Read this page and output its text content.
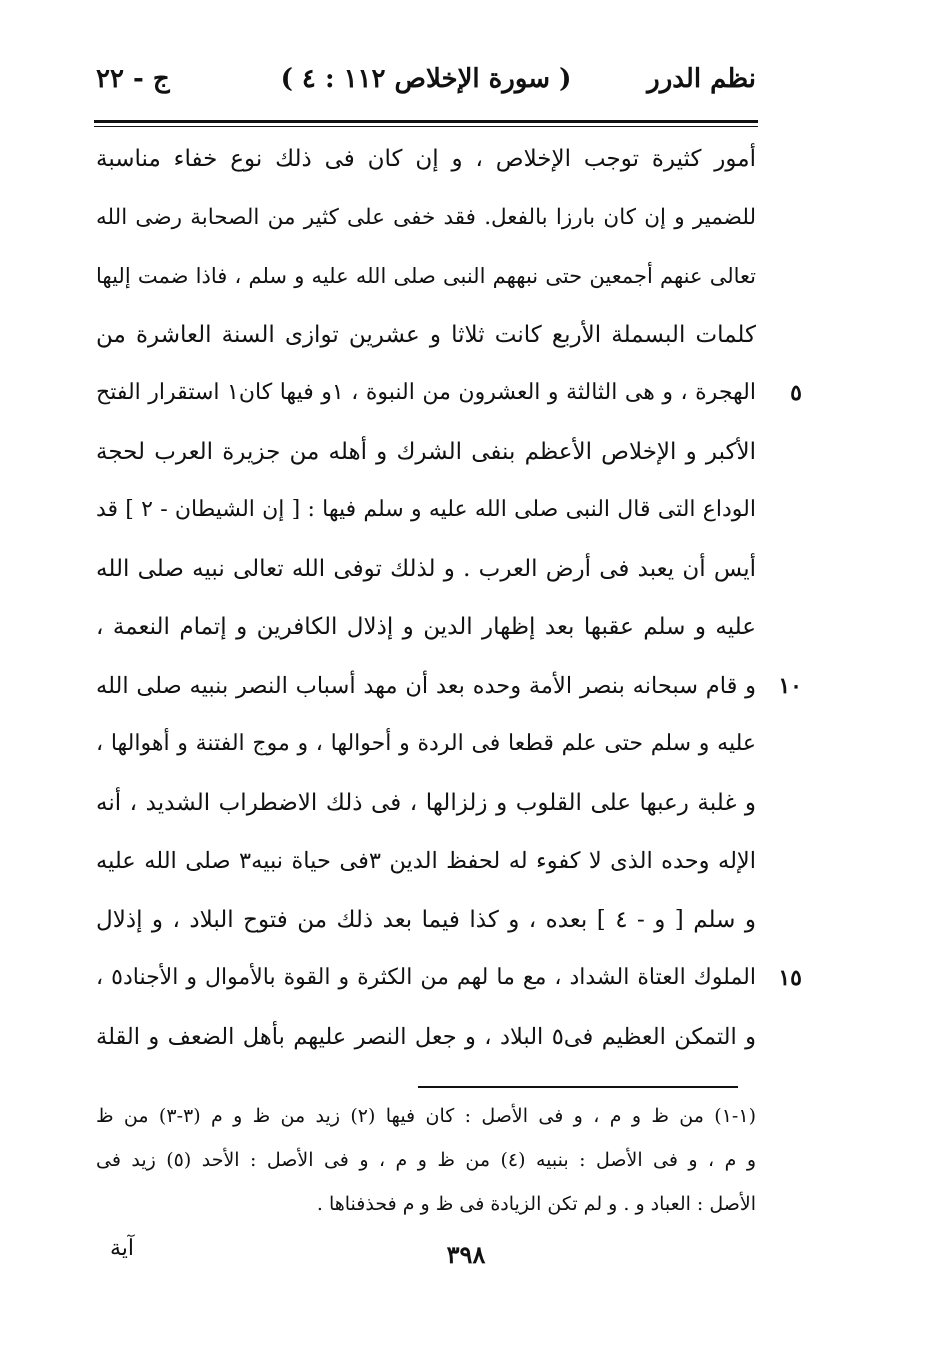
نظم الدرر
( سورة الإخلاص ١١٢ : ٤ )
ج - ٢٢
أمور كثيرة توجب الإخلاص ، و إن كان فى ذلك نوع خفاء مناسبة
للضمير و إن كان بارزا بالفعل. فقد خفى على كثير من الصحابة رضى الله
تعالى عنهم أجمعين حتى نبههم النبى صلى الله عليه و سلم ، فاذا ضمت إليها
كلمات البسملة الأربع كانت ثلاثا و عشرين توازى السنة العاشرة من
الهجرة ، و هى الثالثة و العشرون من النبوة ، ١و فيها كان١ استقرار الفتح	٥
الأكبر و الإخلاص الأعظم بنفى الشرك و أهله من جزيرة العرب لحجة
الوداع التى قال النبى صلى الله عليه و سلم فيها : [ إن الشيطان - ٢ ] قد
أيس أن يعبد فى أرض العرب . و لذلك توفى الله تعالى نبيه صلى الله
عليه و سلم عقبها بعد إظهار الدين و إذلال الكافرين و إتمام النعمة ،
و قام سبحانه بنصر الأمة وحده بعد أن مهد أسباب النصر بنبيه صلى الله	١٠
عليه و سلم حتى علم قطعا فى الردة و أحوالها ، و موج الفتنة و أهوالها ،
و غلبة رعبها على القلوب و زلزالها ، فى ذلك الاضطراب الشديد ، أنه
الإله وحده الذى لا كفوء له لحفظ الدين ٣فى حياة نبيه٣ صلى الله عليه
و سلم [ و - ٤ ] بعده ، و كذا فيما بعد ذلك من فتوح البلاد ، و إذلال
الملوك العتاة الشداد ، مع ما لهم من الكثرة و القوة بالأموال و الأجناد٥ ،	١٥
و التمكن العظيم فى٥ البلاد ، و جعل النصر عليهم بأهل الضعف و القلة
(١-١) من ظ و م ، و فى الأصل : كان فيها (٢) زيد من ظ و م (٣-٣) من ظ
و م ، و فى الأصل : بنبيه (٤) من ظ و م ، و فى الأصل : الأحد (٥) زيد فى
الأصل : العباد و . و لم تكن الزيادة فى ظ و م فحذفناها .
٣٩٨
آية
